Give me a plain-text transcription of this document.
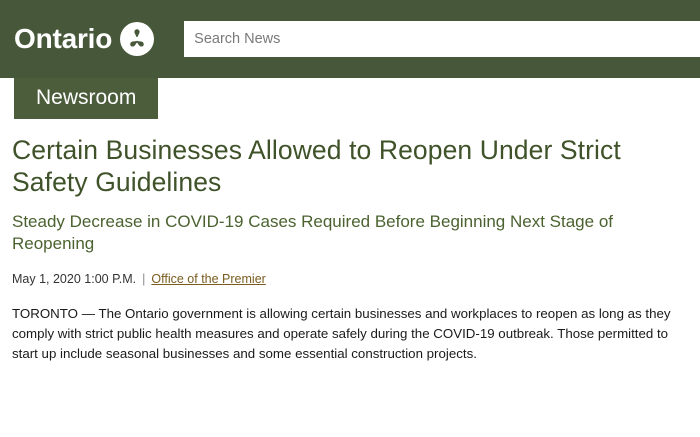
Ontario
Search News
Newsroom
Certain Businesses Allowed to Reopen Under Strict Safety Guidelines
Steady Decrease in COVID-19 Cases Required Before Beginning Next Stage of Reopening
May 1, 2020 1:00 P.M. | Office of the Premier

TORONTO — The Ontario government is allowing certain businesses and workplaces to reopen as long as they comply with strict public health measures and operate safely during the COVID-19 outbreak. Those permitted to start up include seasonal businesses and some essential construction projects.
